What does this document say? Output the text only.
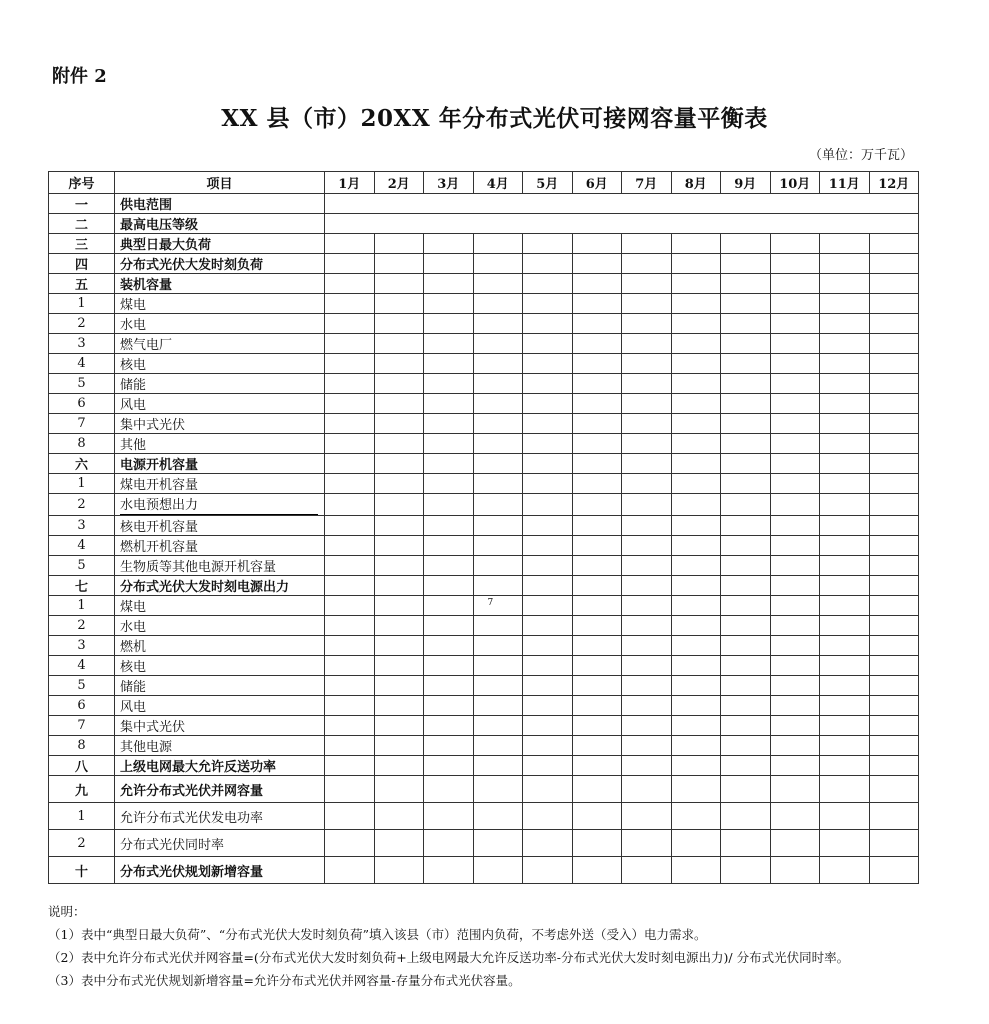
附件 2
XX 县（市）20XX 年分布式光伏可接网容量平衡表
（单位：万千瓦）
序号	项目	1月	2月	3月	4月	5月	6月	7月	8月	9月	10月	11月	12月
一	供电范围												
二	最高电压等级												
三	典型日最大负荷												
四	分布式光伏大发时刻负荷												
五	装机容量												
1	煤电												
2	水电												
3	燃气电厂												
4	核电												
5	储能												
6	风电												
7	集中式光伏												
8	其他												
六	电源开机容量												
1	煤电开机容量												
2	水电预想出力												
3	核电开机容量												
4	燃机开机容量												
5	生物质等其他电源开机容量												
七	分布式光伏大发时刻电源出力												
1	煤电				$^7$								
2	水电												
3	燃机												
4	核电												
5	储能												
6	风电												
7	集中式光伏												
8	其他电源												
八	上级电网最大允许反送功率												
九	允许分布式光伏并网容量												
1	允许分布式光伏发电功率												
2	分布式光伏同时率												
十	分布式光伏规划新增容量												
说明：
（1）表中“典型日最大负荷”、“分布式光伏大发时刻负荷”填入该县（市）范围内负荷，不考虑外送（受入）电力需求。
（2）表中允许分布式光伏并网容量=(分布式光伏大发时刻负荷+上级电网最大允许反送功率-分布式光伏大发时刻电源出力)/ 分布式光伏同时率。
（3）表中分布式光伏规划新增容量=允许分布式光伏并网容量-存量分布式光伏容量。
